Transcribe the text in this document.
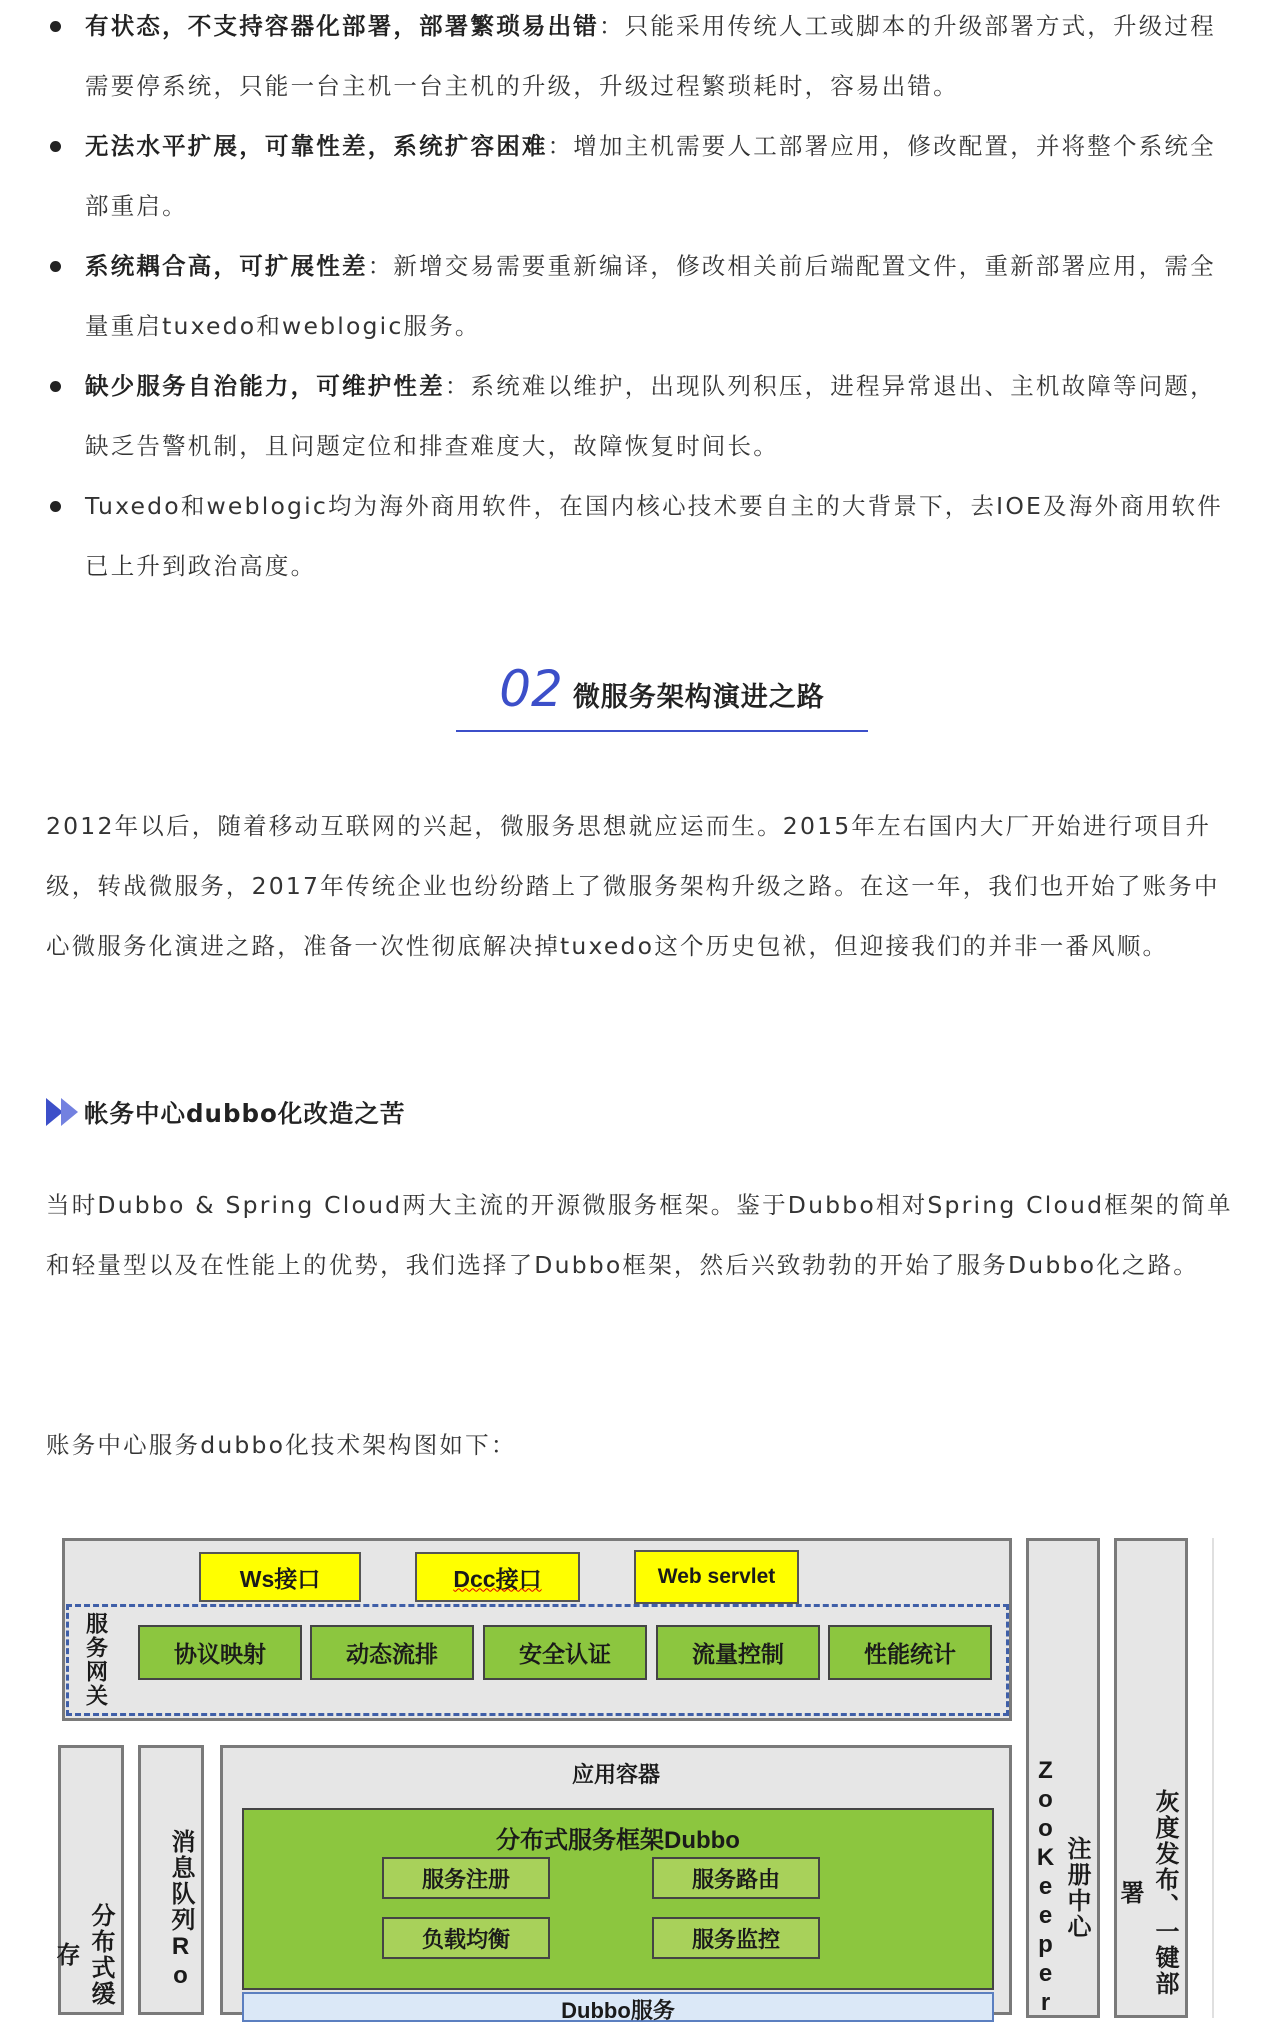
有状态，不支持容器化部署，部署繁琐易出错：只能采用传统人工或脚本的升级部署方式，升级过程需要停系统，只能一台主机一台主机的升级，升级过程繁琐耗时，容易出错。
无法水平扩展，可靠性差，系统扩容困难：增加主机需要人工部署应用，修改配置，并将整个系统全部重启。
系统耦合高，可扩展性差：新增交易需要重新编译，修改相关前后端配置文件，重新部署应用，需全量重启tuxedo和weblogic服务。
缺少服务自治能力，可维护性差：系统难以维护，出现队列积压，进程异常退出、主机故障等问题，缺乏告警机制，且问题定位和排查难度大，故障恢复时间长。
Tuxedo和weblogic均为海外商用软件，在国内核心技术要自主的大背景下，去IOE及海外商用软件已上升到政治高度。
02 微服务架构演进之路

2012年以后，随着移动互联网的兴起，微服务思想就应运而生。2015年左右国内大厂开始进行项目升级，转战微服务，2017年传统企业也纷纷踏上了微服务架构升级之路。在这一年，我们也开始了账务中心微服务化演进之路，准备一次性彻底解决掉tuxedo这个历史包袱，但迎接我们的并非一番风顺。

帐务中心dubbo化改造之苦

当时Dubbo & Spring Cloud两大主流的开源微服务框架。鉴于Dubbo相对Spring Cloud框架的简单和轻量型以及在性能上的优势，我们选择了Dubbo框架，然后兴致勃勃的开始了服务Dubbo化之路。

账务中心服务dubbo化技术架构图如下：

Ws接口	Dcc接口	Web servlet
服务网关	协议映射	动态流排	安全认证	流量控制	性能统计
分布式缓存	消息队列Ro
应用容器
分布式服务框架Dubbo
服务注册	服务路由
负载均衡	服务监控
Dubbo服务
注册中心ZooKeeper	灰度发布、一键部署
